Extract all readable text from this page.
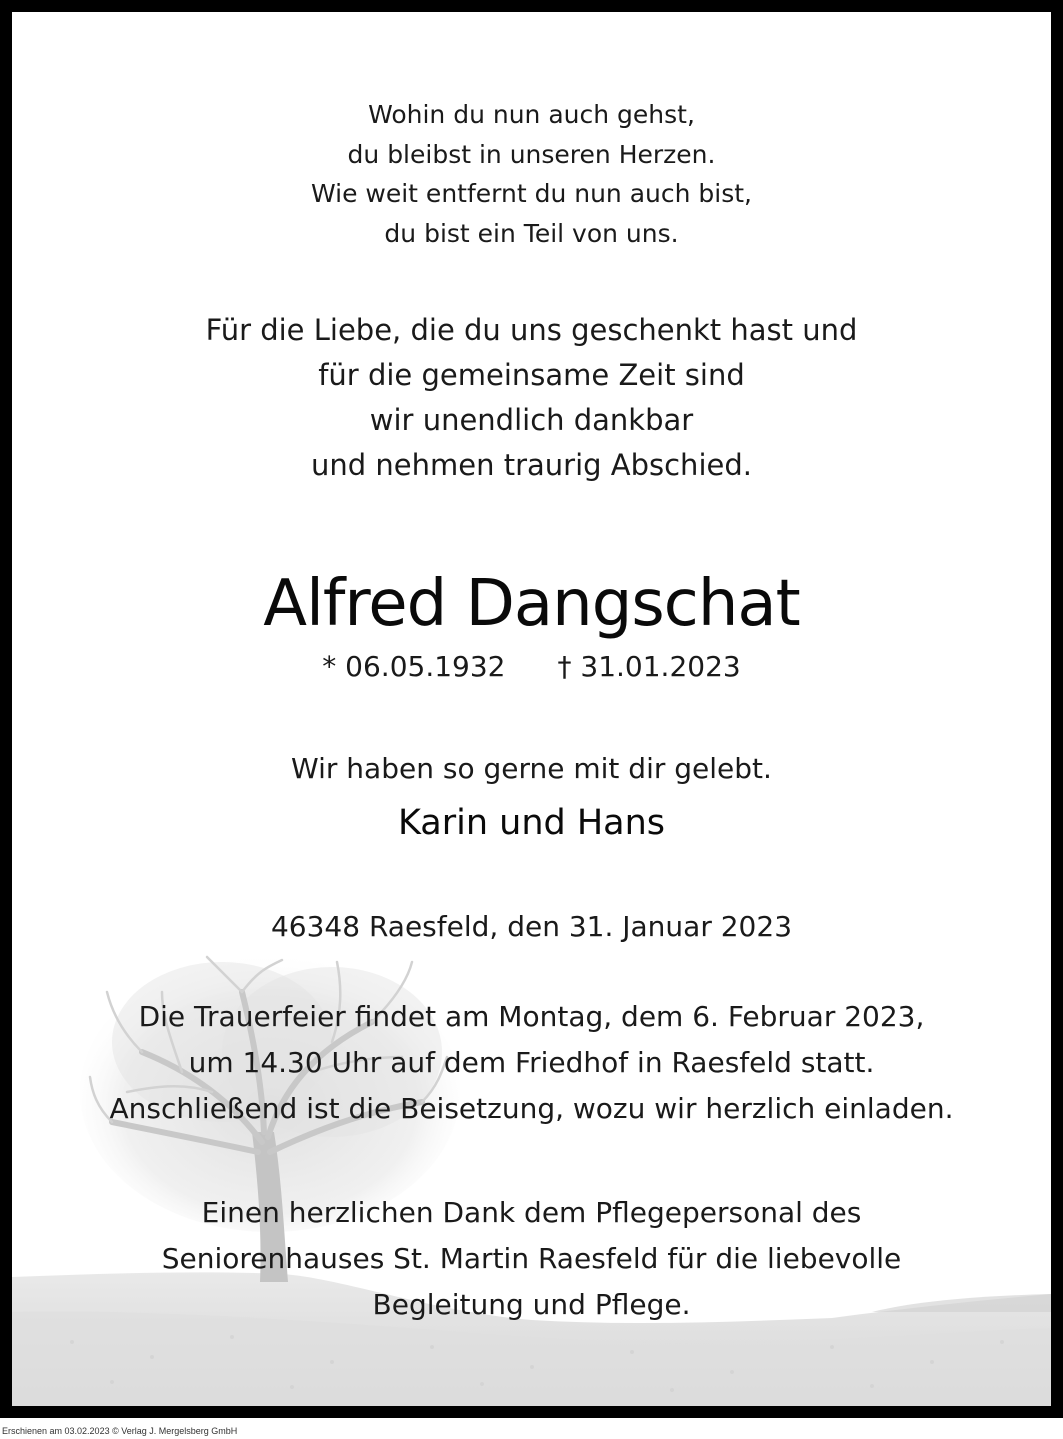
Wohin du nun auch gehst,
du bleibst in unseren Herzen.
Wie weit entfernt du nun auch bist,
du bist ein Teil von uns.
Für die Liebe, die du uns geschenkt hast und
für die gemeinsame Zeit sind
wir unendlich dankbar
und nehmen traurig Abschied.
Alfred Dangschat
* 06.05.1932 † 31.01.2023
Wir haben so gerne mit dir gelebt.
Karin und Hans
46348 Raesfeld, den 31. Januar 2023
Die Trauerfeier findet am Montag, dem 6. Februar 2023,
um 14.30 Uhr auf dem Friedhof in Raesfeld statt.
Anschließend ist die Beisetzung, wozu wir herzlich einladen.
Einen herzlichen Dank dem Pflegepersonal des
Seniorenhauses St. Martin Raesfeld für die liebevolle
Begleitung und Pflege.
Erschienen am 03.02.2023 © Verlag J. Mergelsberg GmbH
